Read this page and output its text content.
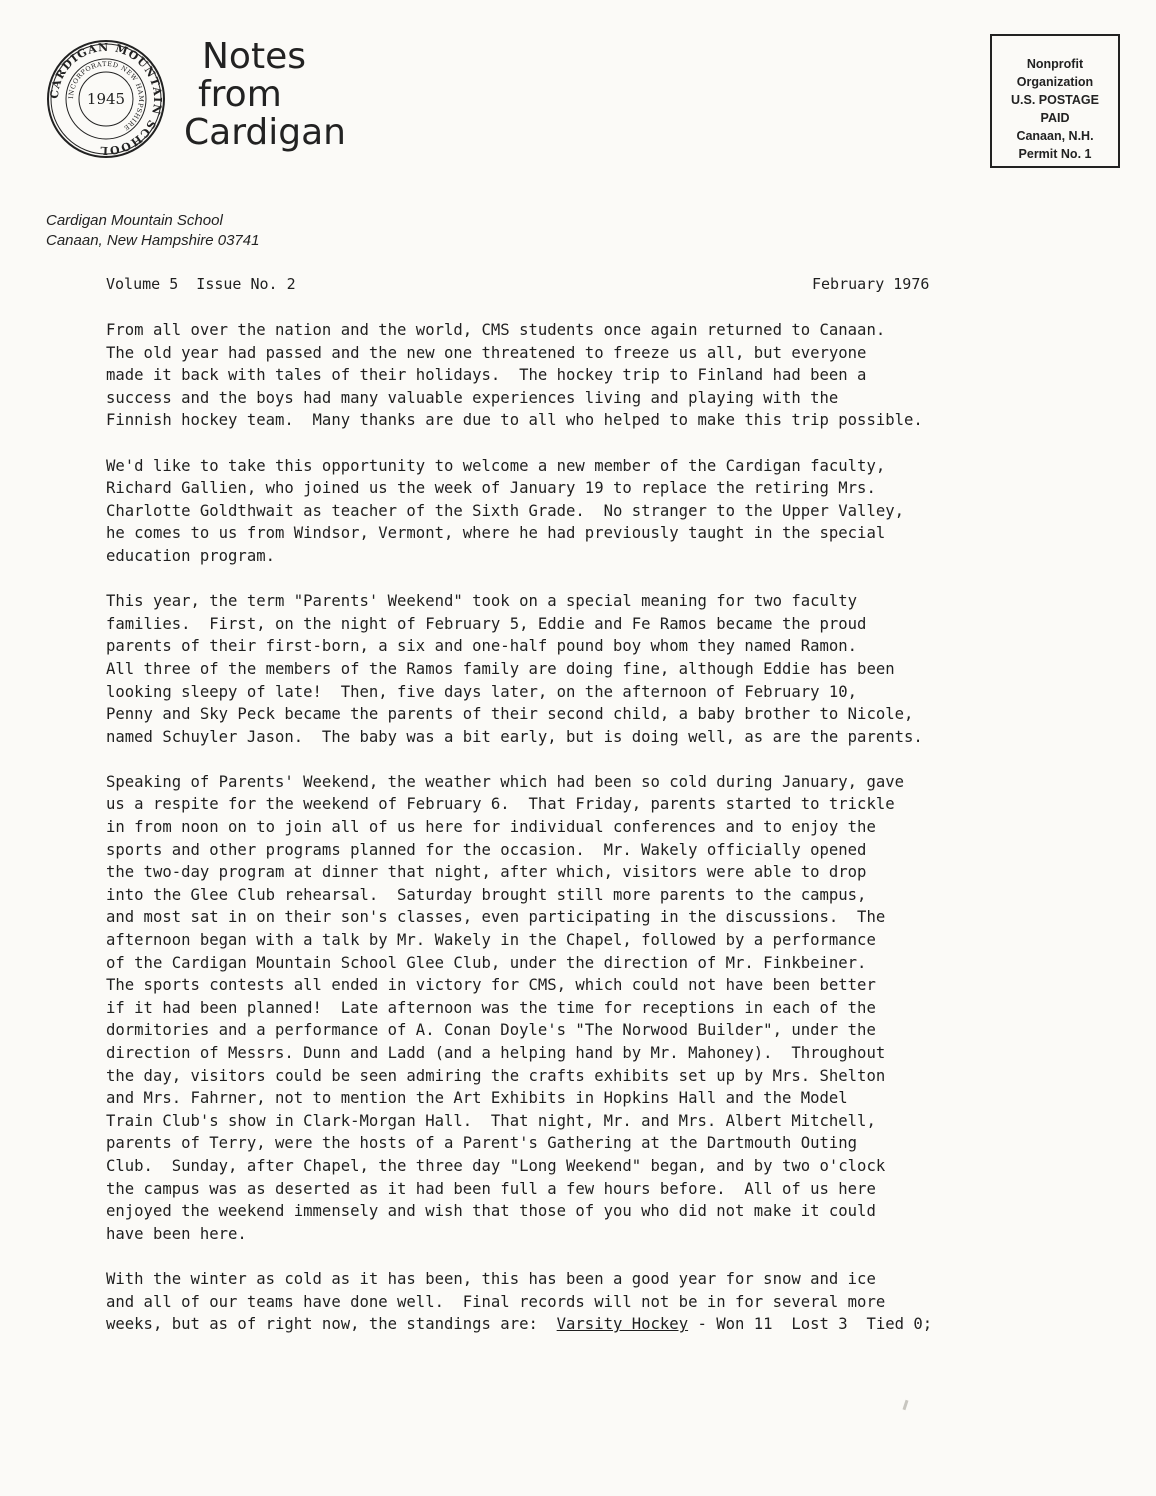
CARDIGAN MOUNTAIN SCHOOL
INCORPORATED NEW HAMPSHIRE
1945
Notes
from
Cardigan
Nonprofit
Organization
U.S. POSTAGE
PAID
Canaan, N.H.
Permit No. 1
Cardigan Mountain School
Canaan, New Hampshire 03741
Volume 5  Issue No. 2	February 1976
From all over the nation and the world, CMS students once again returned to Canaan.
The old year had passed and the new one threatened to freeze us all, but everyone
made it back with tales of their holidays.  The hockey trip to Finland had been a
success and the boys had many valuable experiences living and playing with the
Finnish hockey team.  Many thanks are due to all who helped to make this trip possible.
We'd like to take this opportunity to welcome a new member of the Cardigan faculty,
Richard Gallien, who joined us the week of January 19 to replace the retiring Mrs.
Charlotte Goldthwait as teacher of the Sixth Grade.  No stranger to the Upper Valley,
he comes to us from Windsor, Vermont, where he had previously taught in the special
education program.
This year, the term "Parents' Weekend" took on a special meaning for two faculty
families.  First, on the night of February 5, Eddie and Fe Ramos became the proud
parents of their first-born, a six and one-half pound boy whom they named Ramon.
All three of the members of the Ramos family are doing fine, although Eddie has been
looking sleepy of late!  Then, five days later, on the afternoon of February 10,
Penny and Sky Peck became the parents of their second child, a baby brother to Nicole,
named Schuyler Jason.  The baby was a bit early, but is doing well, as are the parents.
Speaking of Parents' Weekend, the weather which had been so cold during January, gave
us a respite for the weekend of February 6.  That Friday, parents started to trickle
in from noon on to join all of us here for individual conferences and to enjoy the
sports and other programs planned for the occasion.  Mr. Wakely officially opened
the two-day program at dinner that night, after which, visitors were able to drop
into the Glee Club rehearsal.  Saturday brought still more parents to the campus,
and most sat in on their son's classes, even participating in the discussions.  The
afternoon began with a talk by Mr. Wakely in the Chapel, followed by a performance
of the Cardigan Mountain School Glee Club, under the direction of Mr. Finkbeiner.
The sports contests all ended in victory for CMS, which could not have been better
if it had been planned!  Late afternoon was the time for receptions in each of the
dormitories and a performance of A. Conan Doyle's "The Norwood Builder", under the
direction of Messrs. Dunn and Ladd (and a helping hand by Mr. Mahoney).  Throughout
the day, visitors could be seen admiring the crafts exhibits set up by Mrs. Shelton
and Mrs. Fahrner, not to mention the Art Exhibits in Hopkins Hall and the Model
Train Club's show in Clark-Morgan Hall.  That night, Mr. and Mrs. Albert Mitchell,
parents of Terry, were the hosts of a Parent's Gathering at the Dartmouth Outing
Club.  Sunday, after Chapel, the three day "Long Weekend" began, and by two o'clock
the campus was as deserted as it had been full a few hours before.  All of us here
enjoyed the weekend immensely and wish that those of you who did not make it could
have been here.
With the winter as cold as it has been, this has been a good year for snow and ice
and all of our teams have done well.  Final records will not be in for several more
weeks, but as of right now, the standings are:  Varsity Hockey - Won 11  Lost 3  Tied 0;
